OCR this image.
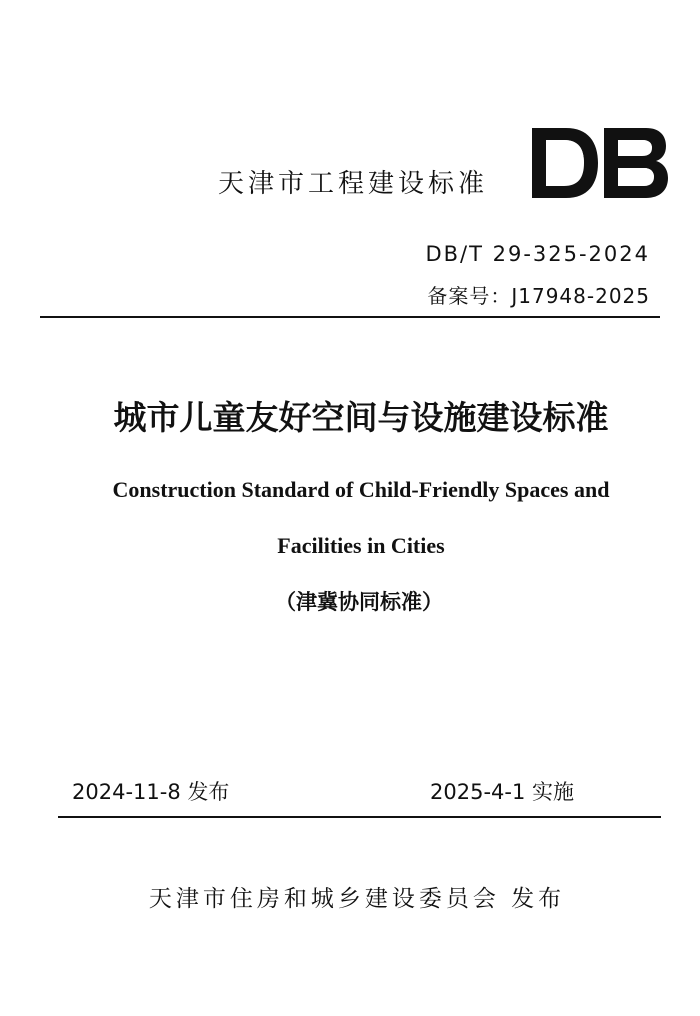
天津市工程建设标准
DB/T 29-325-2024
备案号：J17948-2025
城市儿童友好空间与设施建设标准
Construction Standard of Child-Friendly Spaces and
Facilities in Cities
（津冀协同标准）
2024-11-8 发布	2025-4-1 实施
天津市住房和城乡建设委员会 发布
